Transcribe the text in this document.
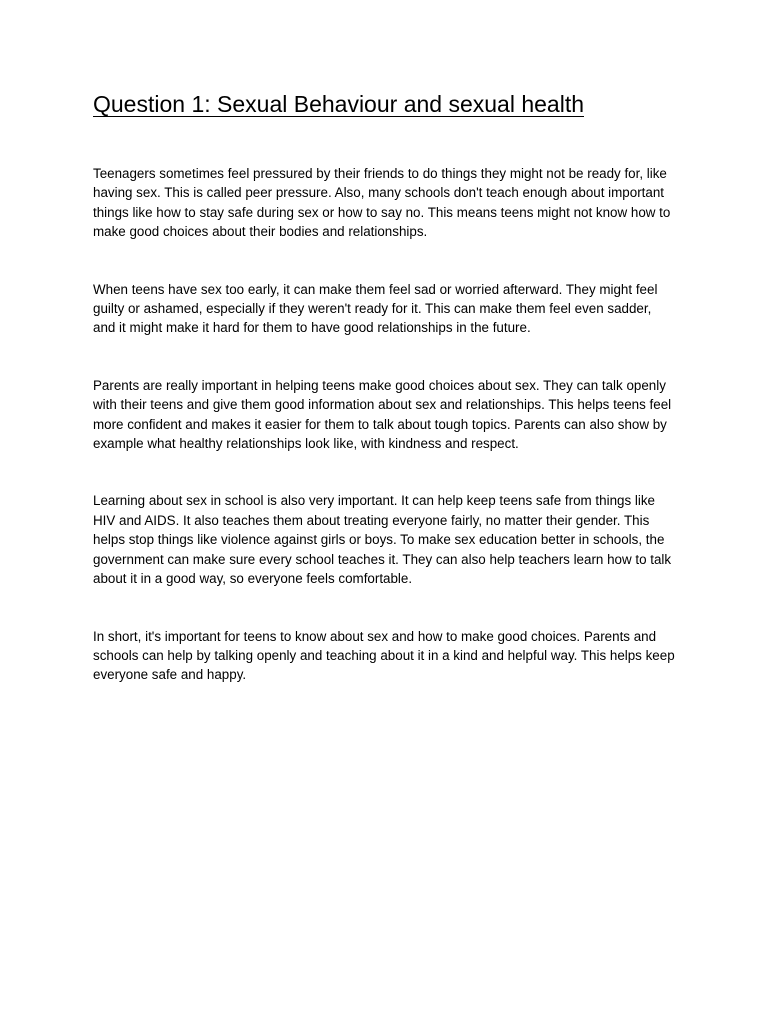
Question 1: Sexual Behaviour and sexual health

Teenagers sometimes feel pressured by their friends to do things they might not be ready for, like having sex. This is called peer pressure. Also, many schools don't teach enough about important things like how to stay safe during sex or how to say no. This means teens might not know how to make good choices about their bodies and relationships.

When teens have sex too early, it can make them feel sad or worried afterward. They might feel guilty or ashamed, especially if they weren't ready for it. This can make them feel even sadder, and it might make it hard for them to have good relationships in the future.

Parents are really important in helping teens make good choices about sex. They can talk openly with their teens and give them good information about sex and relationships. This helps teens feel more confident and makes it easier for them to talk about tough topics. Parents can also show by example what healthy relationships look like, with kindness and respect.

Learning about sex in school is also very important. It can help keep teens safe from things like HIV and AIDS. It also teaches them about treating everyone fairly, no matter their gender. This helps stop things like violence against girls or boys. To make sex education better in schools, the government can make sure every school teaches it. They can also help teachers learn how to talk about it in a good way, so everyone feels comfortable.

In short, it's important for teens to know about sex and how to make good choices. Parents and schools can help by talking openly and teaching about it in a kind and helpful way. This helps keep everyone safe and happy.
